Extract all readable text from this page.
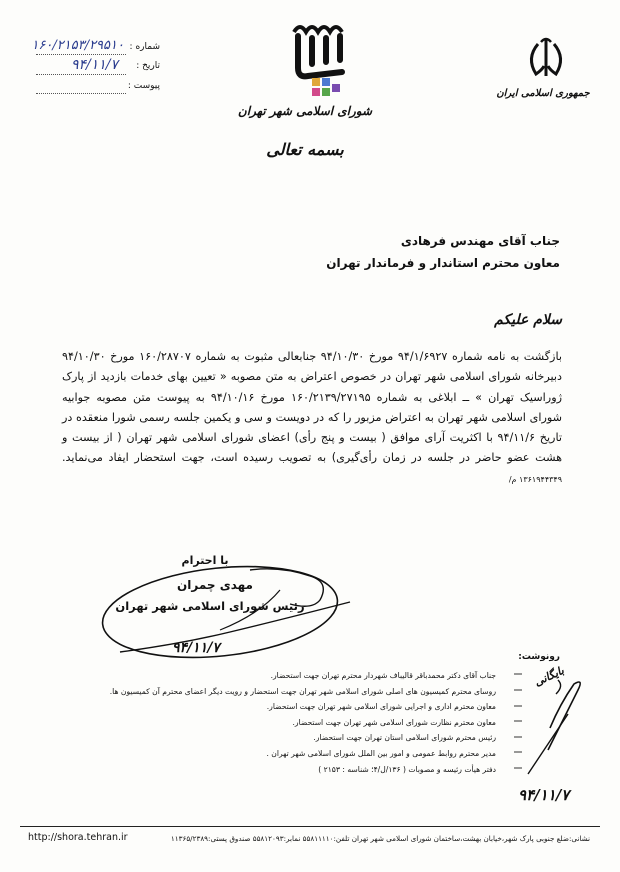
شماره :
۱۶۰/۲۱۵۳/۲۹۵۱۰
تاریخ :
۹۴/۱۱/۷
پیوست :
شورای اسلامی شهر تهران
بسمه تعالی
جمهوری اسلامی ایران
جناب آقای مهندس فرهادی
معاون محترم استاندار و فرماندار تهران
سلام علیکم
بازگشت به نامه شماره ۹۴/۱/۶۹۲۷ مورخ ۹۴/۱۰/۳۰ جنابعالی مثبوت به شماره ۱۶۰/۲۸۷۰۷ مورخ ۹۴/۱۰/۳۰ دبیرخانه شورای اسلامی شهر تهران در خصوص اعتراض به متن مصوبه « تعیین بهای خدمات بازدید از پارک ژوراسیک تهران » ــ ابلاغی به شماره ۱۶۰/۲۱۳۹/۲۷۱۹۵ مورخ ۹۴/۱۰/۱۶ به پیوست متن مصوبه جوابیه شورای اسلامی شهر تهران به اعتراض مزبور را که در دویست و سی و یکمین جلسه رسمی شورا منعقده در تاریخ ۹۴/۱۱/۶ با اکثریت آرای موافق ( بیست و پنج رأی) اعضای شورای اسلامی شهر تهران ( از بیست و هشت عضو حاضر در جلسه در زمان رأی‌گیری) به تصویب رسیده است، جهت استحضار ایفاد می‌نماید. ۱۳۶۱۹۴۴۳۴۹ م/
با احترام
مهدی چمران
رئیس شورای اسلامی شهر تهران
۹۴/۱۱/۷
رونوشت:
جناب آقای دکتر محمدباقر قالیباف شهردار محترم تهران جهت استحضار.
روسای محترم کمیسیون های اصلی شورای اسلامی شهر تهران جهت استحضار و رویت دیگر اعضای محترم آن کمیسیون ها.
معاون محترم اداری و اجرایی شورای اسلامی شهر تهران جهت استحضار.
معاون محترم نظارت شورای اسلامی شهر تهران جهت استحضار.
رئیس محترم شورای اسلامی استان تهران جهت استحضار.
مدیر محترم روابط عمومی و امور بین الملل شورای اسلامی شهر تهران .
دفتر هیأت رئیسه و مصوبات ( ۱۳۶/ل/۴؛ شناسه : ۲۱۵۳ )
بایگانی
۹۴/۱۱/۷
http://shora.tehran.ir	نشانی:ضلع جنوبی پارک شهر،خیابان بهشت،ساختمان شورای اسلامی شهر تهران تلفن:۵۵۸۱۱۱۱۰ نمابر:۵۵۸۱۲۰۹۳ صندوق پستی:۱۱۳۶۵/۲۳۸۹
